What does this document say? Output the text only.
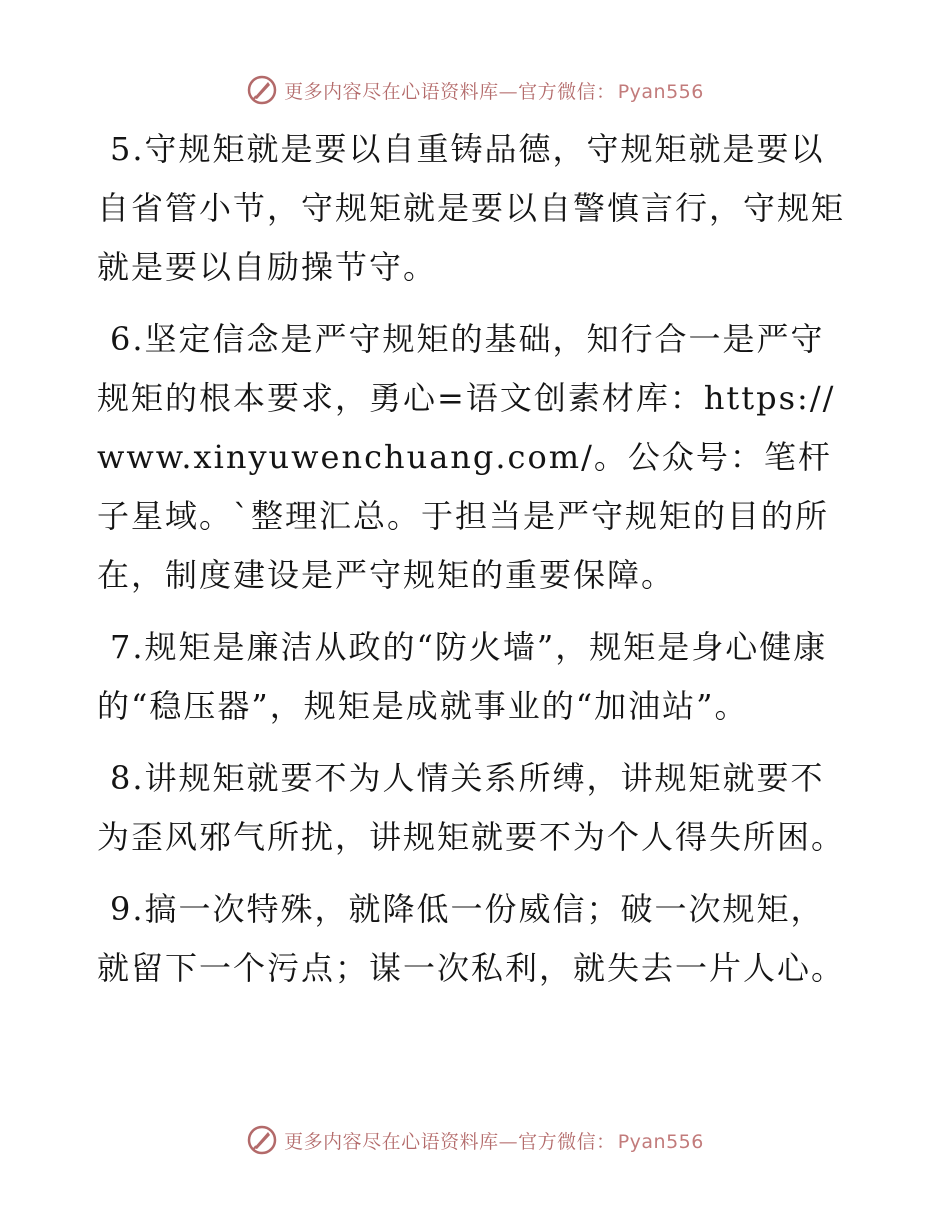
更多内容尽在心语资料库—官方微信： Pyan556

5.守规矩就是要以自重铸品德，守规矩就是要以自省管小节，守规矩就是要以自警慎言行，守规矩就是要以自励操节守。

6.坚定信念是严守规矩的基础，知行合一是严守规矩的根本要求，勇心=语文创素材库：https://www.xinyuwenchuang.com/。公众号：笔杆子星域。`整理汇总。于担当是严守规矩的目的所在，制度建设是严守规矩的重要保障。

7.规矩是廉洁从政的“防火墙”，规矩是身心健康的“稳压器”，规矩是成就事业的“加油站”。

8.讲规矩就要不为人情关系所缚，讲规矩就要不为歪风邪气所扰，讲规矩就要不为个人得失所困。

9.搞一次特殊，就降低一份威信；破一次规矩，就留下一个污点；谋一次私利，就失去一片人心。

更多内容尽在心语资料库—官方微信： Pyan556
